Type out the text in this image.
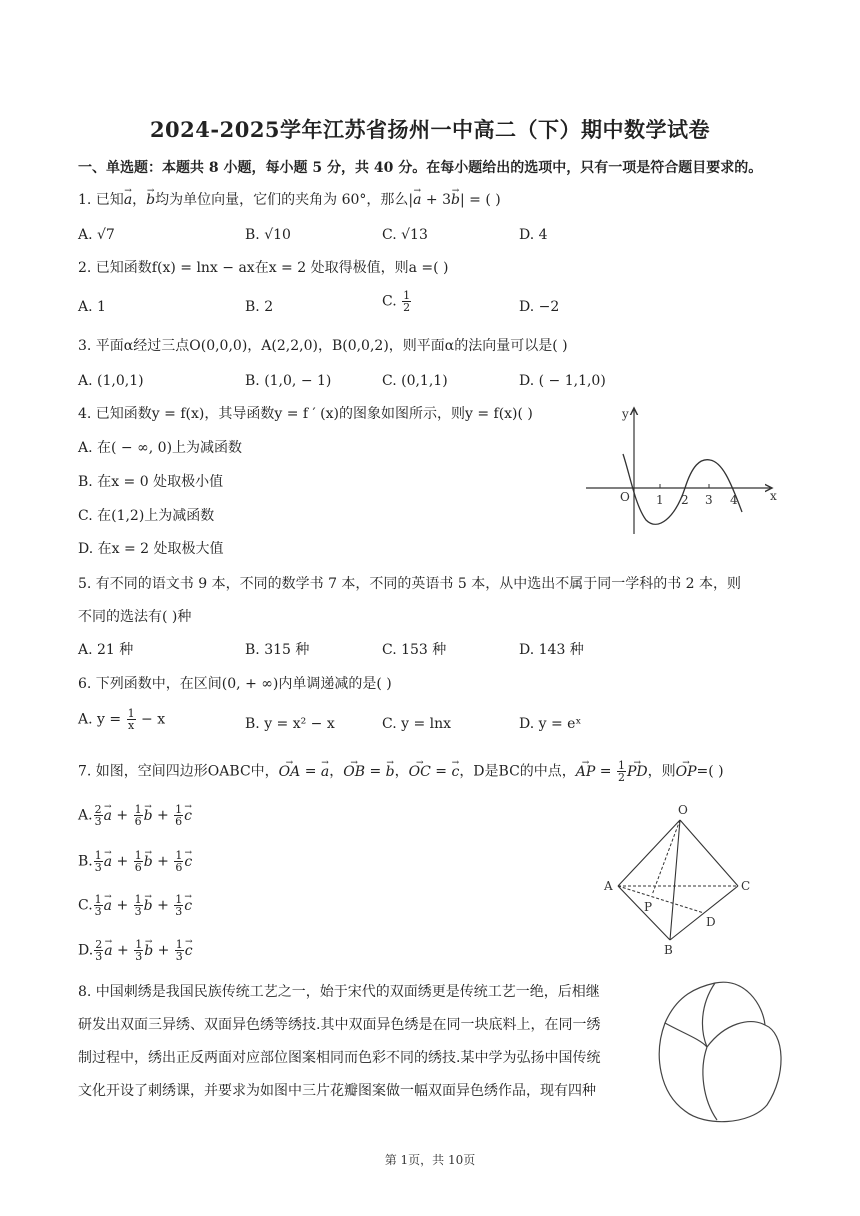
2024-2025学年江苏省扬州一中高二（下）期中数学试卷
一、单选题：本题共 8 小题，每小题 5 分，共 40 分。在每小题给出的选项中，只有一项是符合题目要求的。
1. 已知→ a，→ b均为单位向量，它们的夹角为 60°，那么|→ a + 3→ b| = ( )
A. √7	B. √10	C. √13	D. 4
2. 已知函数f(x) = lnx − ax在x = 2 处取得极值，则a =( )
A. 1	B. 2	C. $\frac{1}{2}$	D. −2
3. 平面α经过三点O(0,0,0)，A(2,2,0)，B(0,0,2)，则平面α的法向量可以是( )
A. (1,0,1)	B. (1,0, − 1)	C. (0,1,1)	D. ( − 1,1,0)
4. 已知函数y = f(x)，其导函数y = f ′ (x)的图象如图所示，则y = f(x)( )
A. 在( − ∞, 0)上为减函数
B. 在x = 0 处取极小值
C. 在(1,2)上为减函数
D. 在x = 2 处取极大值
y
x
O 1 2 3 4
5. 有不同的语文书 9 本，不同的数学书 7 本，不同的英语书 5 本，从中选出不属于同一学科的书 2 本，则
不同的选法有( )种
A. 21 种	B. 315 种	C. 153 种	D. 143 种
6. 下列函数中，在区间(0, + ∞)内单调递减的是( )
A. $y = \frac{1}{x} - x$	B. y = x² − x	C. y = lnx	D. y = eˣ
7. 如图，空间四边形OABC中，→ OA = → a，→ OB = → b，→ OC = → c，D是BC的中点，→ AP = $\frac{1}{2}$
→ PD，则→ OP=( )
A. $\frac{2}{3}$
→ $a + \frac{1}{6}$
→ $b + \frac{1}{6}$
→ c
B. $\frac{1}{3}$
→ $a + \frac{1}{6}$
→ $b + \frac{1}{6}$
→ c
C. $\frac{1}{3}$
→ $a + \frac{1}{3}$
→ $b + \frac{1}{3}$
→ c
D. $\frac{2}{3}$
→ $a + \frac{1}{3}$
→ $b + \frac{1}{3}$
→ c
O
A
B
C
P
D
8. 中国刺绣是我国民族传统工艺之一，始于宋代的双面绣更是传统工艺一绝，后相继
研发出双面三异绣、双面异色绣等绣技.其中双面异色绣是在同一块底料上，在同一绣
制过程中，绣出正反两面对应部位图案相同而色彩不同的绣技.某中学为弘扬中国传统
文化开设了刺绣课，并要求为如图中三片花瓣图案做一幅双面异色绣作品，现有四种
第 1页，共 10页
